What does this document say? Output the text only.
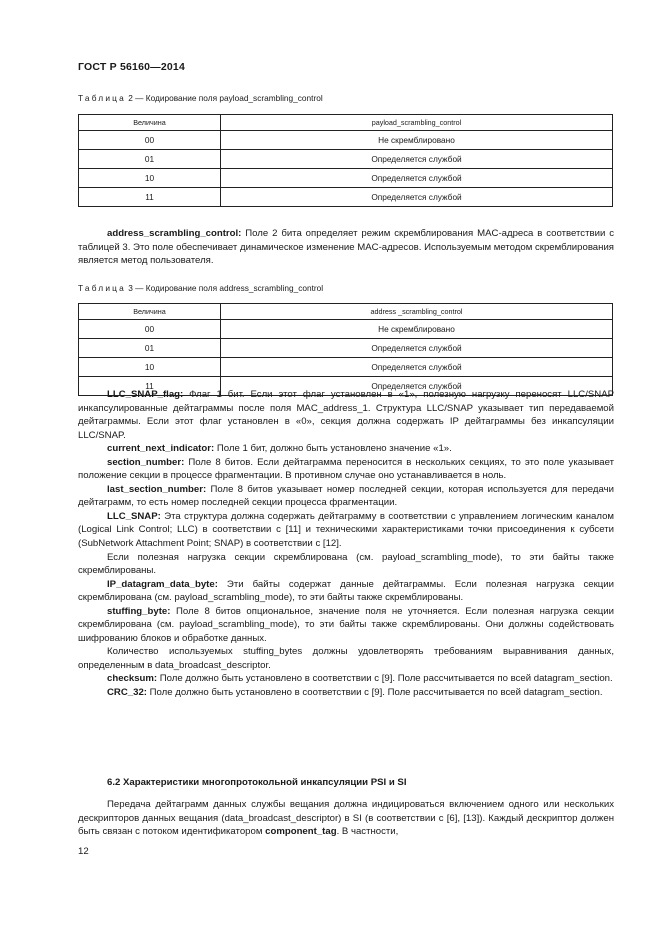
ГОСТ Р 56160—2014
Таблица 2 — Кодирование поля payload_scrambling_control
Величина	payload_scrambling_control
00	Не скремблировано
01	Определяется службой
10	Определяется службой
11	Определяется службой

address_scrambling_control: Поле 2 бита определяет режим скремблирования MAC-адреса в соответствии с таблицей 3. Это поле обеспечивает динамическое изменение MAC-адресов. Используемым методом скремблирования является метод пользователя.

Таблица 3 — Кодирование поля address_scrambling_control
Величина	address _scrambling_control
00	Не скремблировано
01	Определяется службой
10	Определяется службой
11	Определяется службой

LLC_SNAP_flag: Флаг 1 бит. Если этот флаг установлен в «1», полезную нагрузку переносят LLC/SNAP инкапсулированные дейтаграммы после поля MAC_address_1. Структура LLC/SNAP указывает тип передаваемой дейтаграммы. Если этот флаг установлен в «0», секция должна содержать IP дейтаграммы без инкапсуляции LLC/SNAP.

current_next_indicator: Поле 1 бит, должно быть установлено значение «1».

section_number: Поле 8 битов. Если дейтаграмма переносится в нескольких секциях, то это поле указывает положение секции в процессе фрагментации. В противном случае оно устанавливается в ноль.

last_section_number: Поле 8 битов указывает номер последней секции, которая используется для передачи дейтаграмм, то есть номер последней секции процесса фрагментации.

LLC_SNAP: Эта структура должна содержать дейтаграмму в соответствии с управлением логическим каналом (Logical Link Control; LLC) в соответствии с [11] и техническими характеристиками точки присоединения к субсети (SubNetwork Attachment Point; SNAP) в соответствии с [12].

Если полезная нагрузка секции скремблирована (см. payload_scrambling_mode), то эти байты также скремблированы.

IP_datagram_data_byte: Эти байты содержат данные дейтаграммы. Если полезная нагрузка секции скремблирована (см. payload_scrambling_mode), то эти байты также скремблированы.

stuffing_byte: Поле 8 битов опциональное, значение поля не уточняется. Если полезная нагрузка секции скремблирована (см. payload_scrambling_mode), то эти байты также скремблированы. Они должны содействовать шифрованию блоков и обработке данных.

Количество используемых stuffing_bytes должны удовлетворять требованиям выравнивания данных, определенным в data_broadcast_descriptor.

checksum: Поле должно быть установлено в соответствии с [9]. Поле рассчитывается по всей datagram_section.

CRC_32: Поле должно быть установлено в соответствии с [9]. Поле рассчитывается по всей datagram_section.

6.2 Характеристики многопротокольной инкапсуляции PSI и SI

Передача дейтаграмм данных службы вещания должна индицироваться включением одного или нескольких дескрипторов данных вещания (data_broadcast_descriptor) в SI (в соответствии с [6], [13]). Каждый дескриптор должен быть связан с потоком идентификатором component_tag. В частности,

12
